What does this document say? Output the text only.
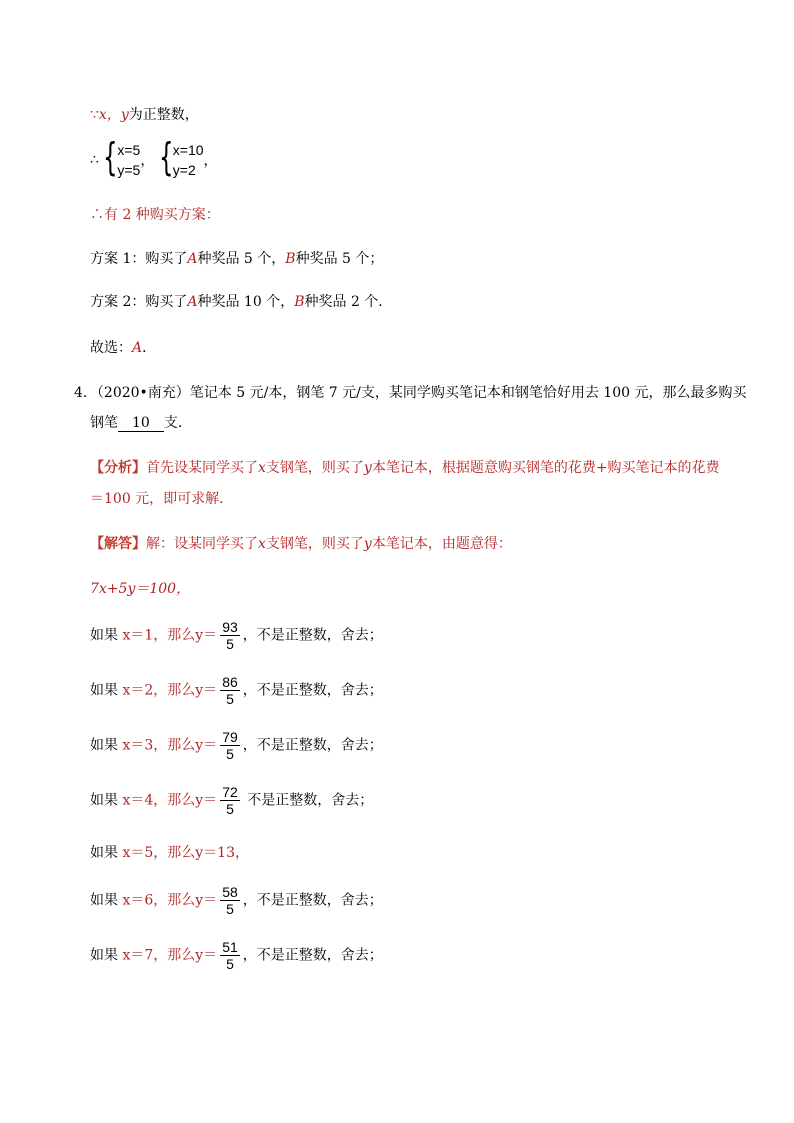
∵x，y为正整数，
∴ { x=5
y=5
， { x=10
y=2
，
∴有 2 种购买方案：
方案 1：购买了A种奖品 5 个，B种奖品 5 个；
方案 2：购买了A种奖品 10 个，B种奖品 2 个．
故选：A．
4．（2020•南充）笔记本 5 元/本，钢笔 7 元/支，某同学购买笔记本和钢笔恰好用去 100 元，那么最多购买
钢笔 10 支．
【分析】首先设某同学买了x支钢笔，则买了y本笔记本，根据题意购买钢笔的花费+购买笔记本的花费
＝100 元，即可求解．
【解答】解：设某同学买了x支钢笔，则买了y本笔记本，由题意得：
7x+5y＝100，
如果 x＝1，那么$y= \frac{93}{5}$ ，不是正整数，舍去；
如果 x＝2，那么$y= \frac{86}{5}$ ，不是正整数，舍去；
如果 x＝3，那么$y= \frac{79}{5}$ ，不是正整数，舍去；
如果 x＝4，那么$y= \frac{72}{5}$ 不是正整数，舍去；
如果 x＝5，那么y＝13，
如果 x＝6，那么$y= \frac{58}{5}$ ，不是正整数，舍去；
如果 x＝7，那么$y= \frac{51}{5}$ ，不是正整数，舍去；
